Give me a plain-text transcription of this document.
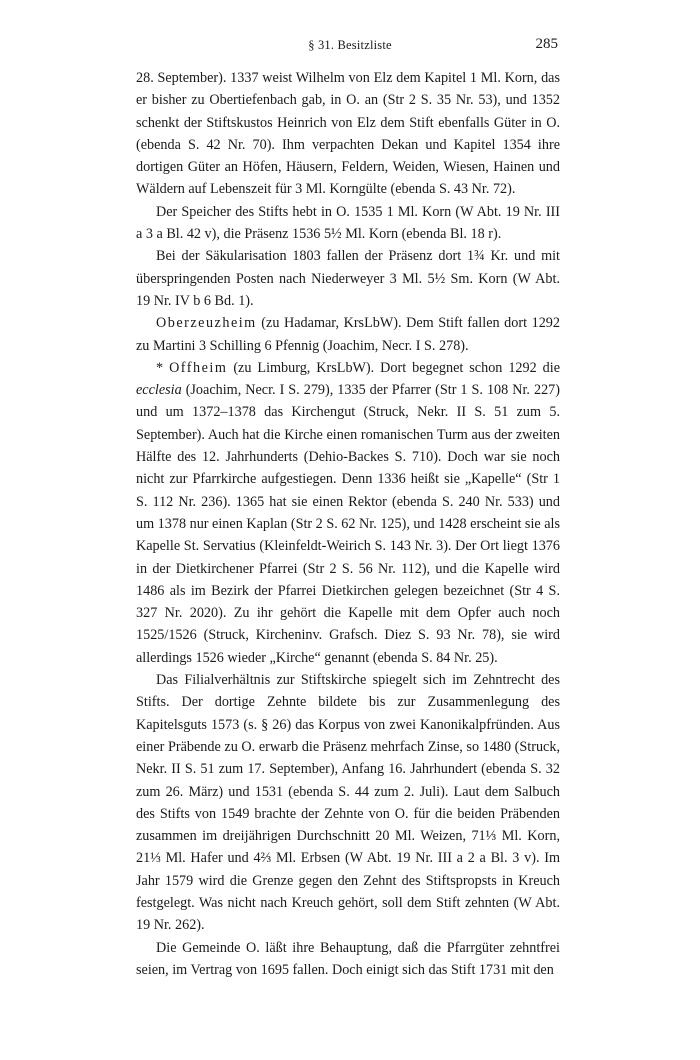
§ 31. Besitzliste	285

28. September). 1337 weist Wilhelm von Elz dem Kapitel 1 Ml. Korn, das er bisher zu Obertiefenbach gab, in O. an (Str 2 S. 35 Nr. 53), und 1352 schenkt der Stiftskustos Heinrich von Elz dem Stift ebenfalls Güter in O. (ebenda S. 42 Nr. 70). Ihm verpachten Dekan und Kapitel 1354 ihre dortigen Güter an Höfen, Häusern, Feldern, Weiden, Wiesen, Hainen und Wäldern auf Lebenszeit für 3 Ml. Korngülte (ebenda S. 43 Nr. 72).

Der Speicher des Stifts hebt in O. 1535 1 Ml. Korn (W Abt. 19 Nr. III a 3 a Bl. 42 v), die Präsenz 1536 5½ Ml. Korn (ebenda Bl. 18 r).

Bei der Säkularisation 1803 fallen der Präsenz dort 1¾ Kr. und mit überspringenden Posten nach Niederweyer 3 Ml. 5½ Sm. Korn (W Abt. 19 Nr. IV b 6 Bd. 1).

Oberzeuzheim (zu Hadamar, KrsLbW). Dem Stift fallen dort 1292 zu Martini 3 Schilling 6 Pfennig (Joachim, Necr. I S. 278).

* Offheim (zu Limburg, KrsLbW). Dort begegnet schon 1292 die ecclesia (Joachim, Necr. I S. 279), 1335 der Pfarrer (Str 1 S. 108 Nr. 227) und um 1372–1378 das Kirchengut (Struck, Nekr. II S. 51 zum 5. September). Auch hat die Kirche einen romanischen Turm aus der zweiten Hälfte des 12. Jahrhunderts (Dehio-Backes S. 710). Doch war sie noch nicht zur Pfarrkirche aufgestiegen. Denn 1336 heißt sie „Kapelle“ (Str 1 S. 112 Nr. 236). 1365 hat sie einen Rektor (ebenda S. 240 Nr. 533) und um 1378 nur einen Kaplan (Str 2 S. 62 Nr. 125), und 1428 erscheint sie als Kapelle St. Servatius (Kleinfeldt-Weirich S. 143 Nr. 3). Der Ort liegt 1376 in der Dietkirchener Pfarrei (Str 2 S. 56 Nr. 112), und die Kapelle wird 1486 als im Bezirk der Pfarrei Dietkirchen gelegen bezeichnet (Str 4 S. 327 Nr. 2020). Zu ihr gehört die Kapelle mit dem Opfer auch noch 1525/1526 (Struck, Kircheninv. Grafsch. Diez S. 93 Nr. 78), sie wird allerdings 1526 wieder „Kirche“ genannt (ebenda S. 84 Nr. 25).

Das Filialverhältnis zur Stiftskirche spiegelt sich im Zehntrecht des Stifts. Der dortige Zehnte bildete bis zur Zusammenlegung des Kapitelsguts 1573 (s. § 26) das Korpus von zwei Kanonikalpfründen. Aus einer Präbende zu O. erwarb die Präsenz mehrfach Zinse, so 1480 (Struck, Nekr. II S. 51 zum 17. September), Anfang 16. Jahrhundert (ebenda S. 32 zum 26. März) und 1531 (ebenda S. 44 zum 2. Juli). Laut dem Salbuch des Stifts von 1549 brachte der Zehnte von O. für die beiden Präbenden zusammen im dreijährigen Durchschnitt 20 Ml. Weizen, 71⅓ Ml. Korn, 21⅓ Ml. Hafer und 4⅔ Ml. Erbsen (W Abt. 19 Nr. III a 2 a Bl. 3 v). Im Jahr 1579 wird die Grenze gegen den Zehnt des Stiftspropsts in Kreuch festgelegt. Was nicht nach Kreuch gehört, soll dem Stift zehnten (W Abt. 19 Nr. 262).

Die Gemeinde O. läßt ihre Behauptung, daß die Pfarrgüter zehntfrei seien, im Vertrag von 1695 fallen. Doch einigt sich das Stift 1731 mit den
